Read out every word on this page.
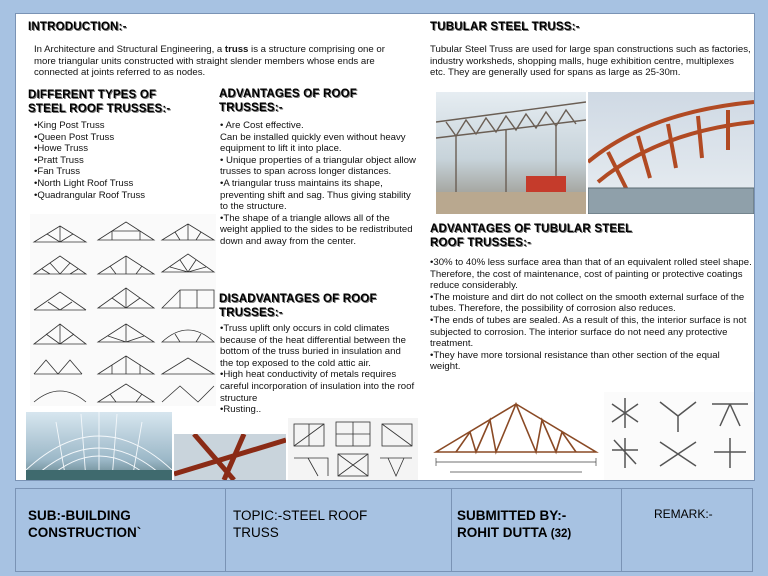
INTRODUCTION:-
In Architecture and Structural Engineering, a truss is a structure comprising one or more triangular units constructed with straight slender members whose ends are connected at joints referred to as nodes.
DIFFERENT TYPES OF
STEEL ROOF TRUSSES:-
•King Post Truss
•Queen Post Truss
•Howe Truss
•Pratt Truss
•Fan Truss
•North Light Roof Truss
•Quadrangular Roof Truss
ADVANTAGES OF ROOF
TRUSSES:-
• Are Cost effective.
Can be installed quickly even without heavy equipment to lift it into place.
• Unique properties of a triangular object allow trusses to span across longer distances.
•A triangular truss maintains its shape, preventing shift and sag. Thus giving stability to the structure.
•The shape of a triangle allows all of the weight applied to the sides to be redistributed down and away from the center.
DISADVANTAGES OF ROOF
TRUSSES:-
•Truss uplift only occurs in cold climates because of the heat differential between the bottom of the truss buried in insulation and the top exposed to the cold attic air.
•High heat conductivity of metals requires careful incorporation of insulation into the roof structure
•Rusting..
TUBULAR STEEL TRUSS:-
Tubular Steel Truss are used for large span constructions such as factories, industry worksheds, shopping malls, huge exhibition centre, multiplexes etc. They are generally used for spans as large as 25-30m.
ADVANTAGES OF TUBULAR STEEL
ROOF TRUSSES:-
•30% to 40% less surface area than that of an equivalent rolled steel shape. Therefore, the cost of maintenance, cost of painting or protective coatings reduce considerably.
•The moisture and dirt do not collect on the smooth external surface of the tubes. Therefore, the possibility of corrosion also reduces.
•The ends of tubes are sealed. As a result of this, the interior surface is not subjected to corrosion. The interior surface do not need any protective treatment.
•They have more torsional resistance than other section of the equal weight.
SUB:-BUILDING
CONSTRUCTION`
TOPIC:-STEEL ROOF
TRUSS
SUBMITTED BY:-
ROHIT DUTTA (32)
REMARK:-
